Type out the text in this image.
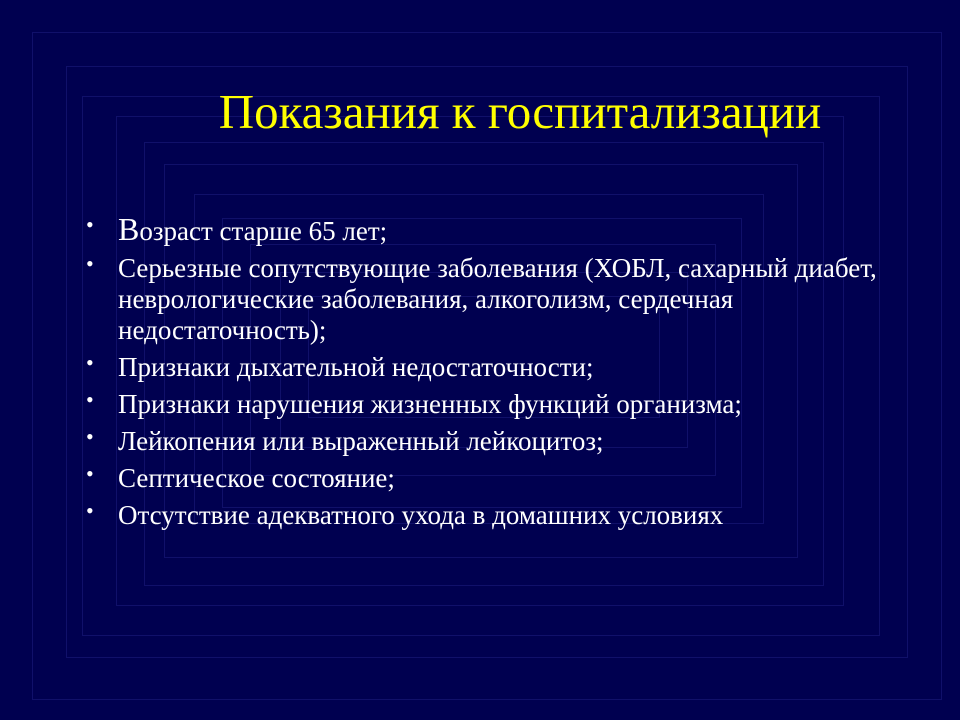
Показания к госпитализации
• Возраст старше 65 лет;
• Серьезные сопутствующие заболевания (ХОБЛ, сахарный диабет, неврологические заболевания, алкоголизм, сердечная недостаточность);
• Признаки дыхательной недостаточности;
• Признаки нарушения жизненных функций организма;
• Лейкопения или выраженный лейкоцитоз;
• Септическое состояние;
• Отсутствие адекватного ухода в домашних условиях
